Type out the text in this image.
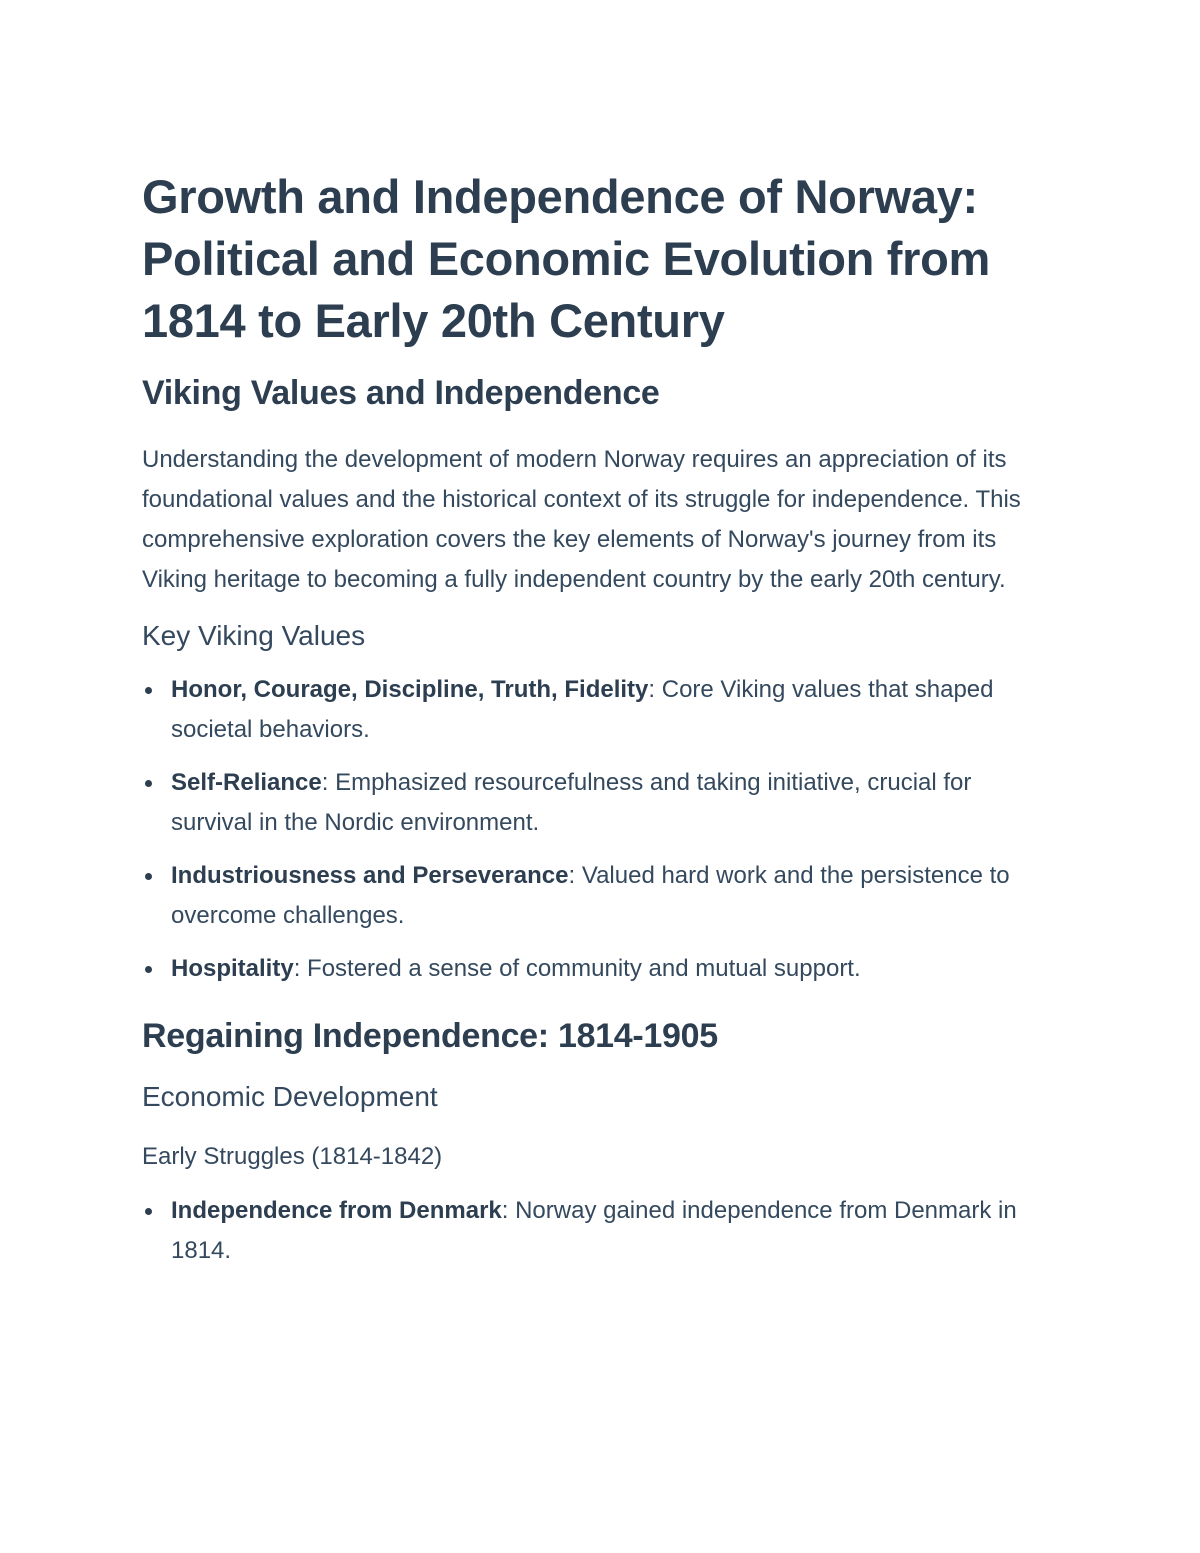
Growth and Independence of Norway: Political and Economic Evolution from 1814 to Early 20th Century
Viking Values and Independence

Understanding the development of modern Norway requires an appreciation of its foundational values and the historical context of its struggle for independence. This comprehensive exploration covers the key elements of Norway's journey from its Viking heritage to becoming a fully independent country by the early 20th century.

Key Viking Values
Honor, Courage, Discipline, Truth, Fidelity: Core Viking values that shaped societal behaviors.
Self-Reliance: Emphasized resourcefulness and taking initiative, crucial for survival in the Nordic environment.
Industriousness and Perseverance: Valued hard work and the persistence to overcome challenges.
Hospitality: Fostered a sense of community and mutual support.
Regaining Independence: 1814-1905
Economic Development
Early Struggles (1814-1842)
Independence from Denmark: Norway gained independence from Denmark in 1814.
